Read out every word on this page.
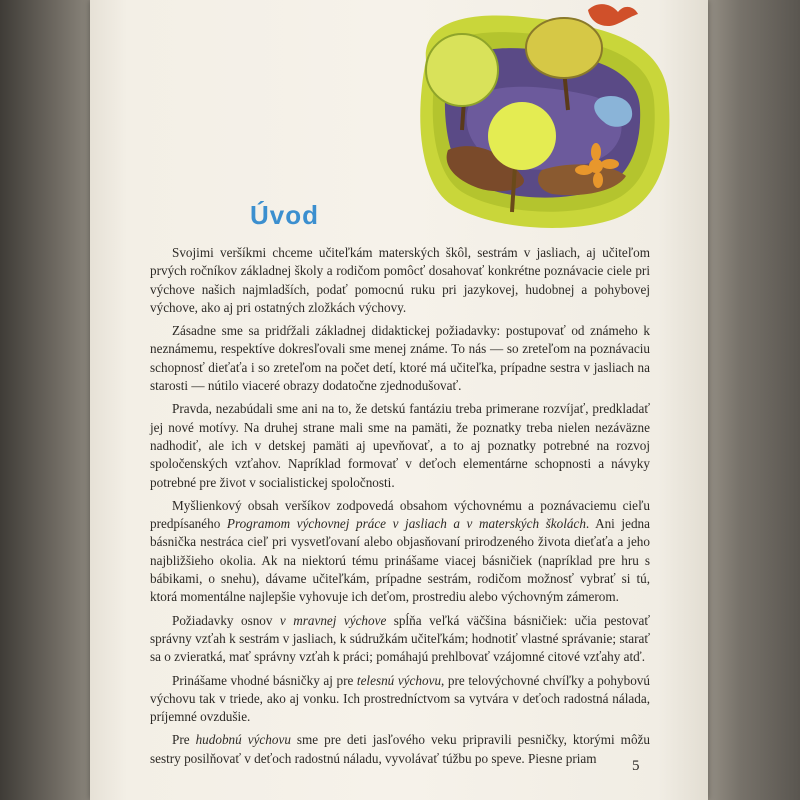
Úvod

Svojimi veršíkmi chceme učiteľkám materských škôl, sestrám v jasliach, aj učiteľom prvých ročníkov základnej školy a rodičom pomôcť dosahovať konkrétne poznávacie ciele pri výchove našich najmladších, podať pomocnú ruku pri jazykovej, hudobnej a pohybovej výchove, ako aj pri ostatných zložkách výchovy.

Zásadne sme sa pridŕžali základnej didaktickej požiadavky: postupovať od známeho k neznámemu, respektíve dokresľovali sme menej známe. To nás — so zreteľom na poznávaciu schopnosť dieťaťa i so zreteľom na počet detí, ktoré má učiteľka, prípadne sestra v jasliach na starosti — nútilo viaceré obrazy dodatočne zjednodušovať.

Pravda, nezabúdali sme ani na to, že detskú fantáziu treba primerane rozvíjať, predkladať jej nové motívy. Na druhej strane mali sme na pamäti, že poznatky treba nielen nezáväzne nadhodiť, ale ich v detskej pamäti aj upevňovať, a to aj poznatky potrebné na rozvoj spoločenských vzťahov. Napríklad formovať v deťoch elementárne schopnosti a návyky potrebné pre život v socialistickej spoločnosti.

Myšlienkový obsah veršíkov zodpovedá obsahom výchovnému a poznávaciemu cieľu predpísaného Programom výchovnej práce v jasliach a v materských školách. Ani jedna básnička nestráca cieľ pri vysvetľovaní alebo objasňovaní prirodzeného života dieťaťa a jeho najbližšieho okolia. Ak na niektorú tému prinášame viacej básničiek (napríklad pre hru s bábikami, o snehu), dávame učiteľkám, prípadne sestrám, rodičom možnosť vybrať si tú, ktorá momentálne najlepšie vyhovuje ich deťom, prostrediu alebo výchovným zámerom.

Požiadavky osnov v mravnej výchove spĺňa veľká väčšina básničiek: učia pestovať správny vzťah k sestrám v jasliach, k súdružkám učiteľkám; hodnotiť vlastné správanie; starať sa o zvieratká, mať správny vzťah k práci; pomáhajú prehlbovať vzájomné citové vzťahy atď.

Prinášame vhodné básničky aj pre telesnú výchovu, pre telovýchovné chvíľky a pohybovú výchovu tak v triede, ako aj vonku. Ich prostredníctvom sa vytvára v deťoch radostná nálada, príjemné ovzdušie.

Pre hudobnú výchovu sme pre deti jasľového veku pripravili pesničky, ktorými môžu sestry posilňovať v deťoch radostnú náladu, vyvolávať túžbu po speve. Piesne priam	5
